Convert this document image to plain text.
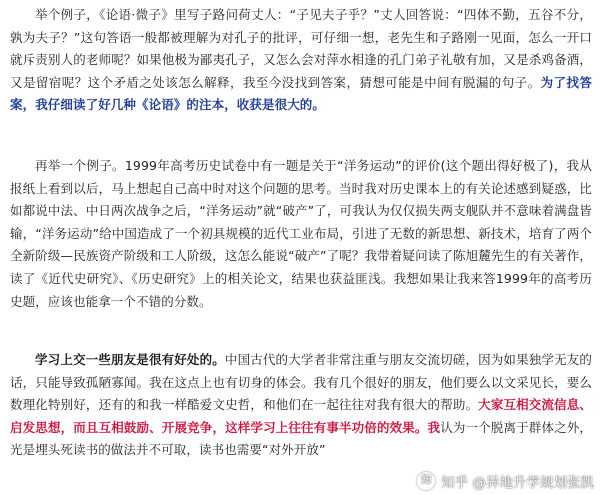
举个例子，《论语·微子》里写子路问荷丈人：“子见夫子乎？”丈人回答说：“四体不勤，五谷不分，孰为夫子？”这句答语一般都被理解为对孔子的批评，可仔细一想，老先生和子路刚一见面，怎么一开口就斥责别人的老师呢？如果他极为鄙夷孔子，又怎么会对萍水相逢的孔门弟子礼敬有加，又是杀鸡备酒，又是留宿呢？这个矛盾之处该怎么解释，我至今没找到答案，猜想可能是中间有脱漏的句子。为了找答案，我仔细读了好几种《论语》的注本，收获是很大的。

再举一个例子。1999年高考历史试卷中有一题是关于“洋务运动”的评价(这个题出得好极了)，我从报纸上看到以后，马上想起自己高中时对这个问题的思考。当时我对历史课本上的有关论述感到疑惑，比如都说中法、中日两次战争之后，“洋务运动”就“破产”了，可我认为仅仅损失两支舰队并不意味着满盘皆输，“洋务运动”给中国造成了一个初具规模的近代工业布局，引进了无数的新思想、新技术，培育了两个全新阶级—民族资产阶级和工人阶级，这怎么能说“破产”了呢？我带着疑问读了陈旭麓先生的有关著作，读了《近代史研究》、《历史研究》上的相关论文，结果也获益匪浅。我想如果让我来答1999年的高考历史题，应该也能拿一个不错的分数。

学习上交一些朋友是很有好处的。中国古代的大学者非常注重与朋友交流切磋，因为如果独学无友的话，只能导致孤陋寡闻。我在这点上也有切身的体会。我有几个很好的朋友，他们要么以文采见长，要么数理化特别好，还有的和我一样酷爱文史哲，和他们在一起往往对我有很大的帮助。大家互相交流信息、启发思想，而且互相鼓励、开展竞争，这样学习上往往有事半功倍的效果。我认为一个脱离于群体之外，光是埋头死读书的做法并不可取，读书也需要“对外开放”

知 知乎 @异地升学规划张凯
